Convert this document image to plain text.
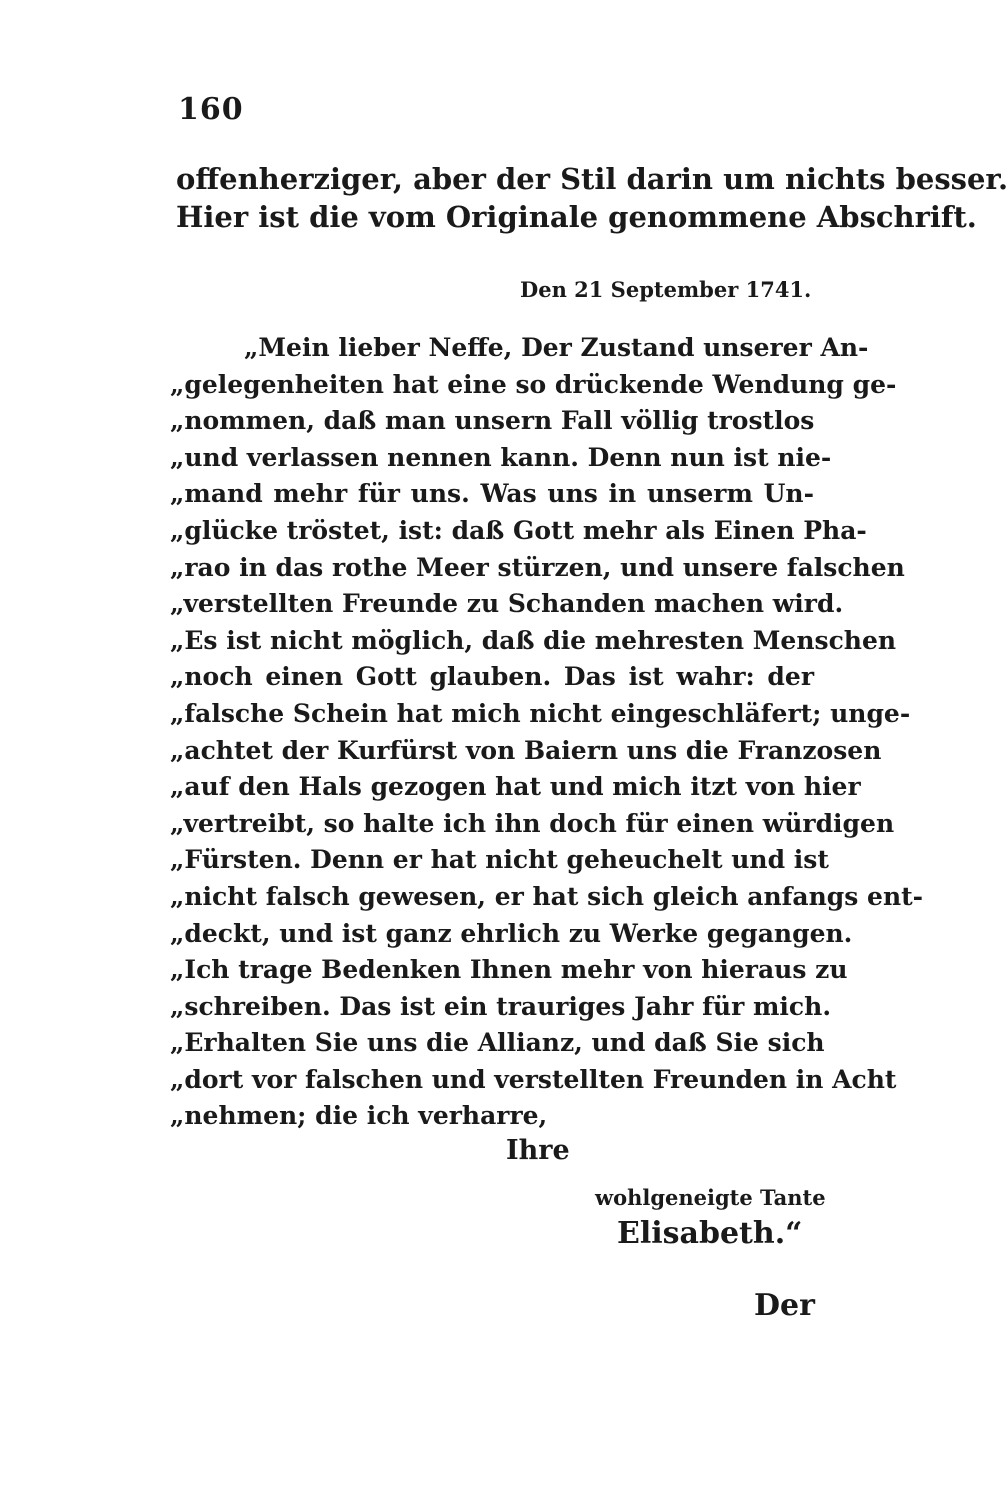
160
offenherziger, aber der Stil darin um nichts besser.
Hier ist die vom Originale genommene Abschrift.
Den 21 September 1741.
„Mein lieber Neffe, Der Zustand unserer An-
„gelegenheiten hat eine so drückende Wendung ge-
„nommen, daß man unsern Fall völlig trostlos
„und verlassen nennen kann. Denn nun ist nie-
„mand mehr für uns. Was uns in unserm Un-
„glücke tröstet, ist: daß Gott mehr als Einen Pha-
„rao in das rothe Meer stürzen, und unsere falschen
„verstellten Freunde zu Schanden machen wird.
„Es ist nicht möglich, daß die mehresten Menschen
„noch einen Gott glauben. Das ist wahr: der
„falsche Schein hat mich nicht eingeschläfert; unge-
„achtet der Kurfürst von Baiern uns die Franzosen
„auf den Hals gezogen hat und mich itzt von hier
„vertreibt, so halte ich ihn doch für einen würdigen
„Fürsten. Denn er hat nicht geheuchelt und ist
„nicht falsch gewesen, er hat sich gleich anfangs ent-
„deckt, und ist ganz ehrlich zu Werke gegangen.
„Ich trage Bedenken Ihnen mehr von hieraus zu
„schreiben. Das ist ein trauriges Jahr für mich.
„Erhalten Sie uns die Allianz, und daß Sie sich
„dort vor falschen und verstellten Freunden in Acht
„nehmen; die ich verharre,
Ihre
wohlgeneigte Tante
Elisabeth.“
Der
